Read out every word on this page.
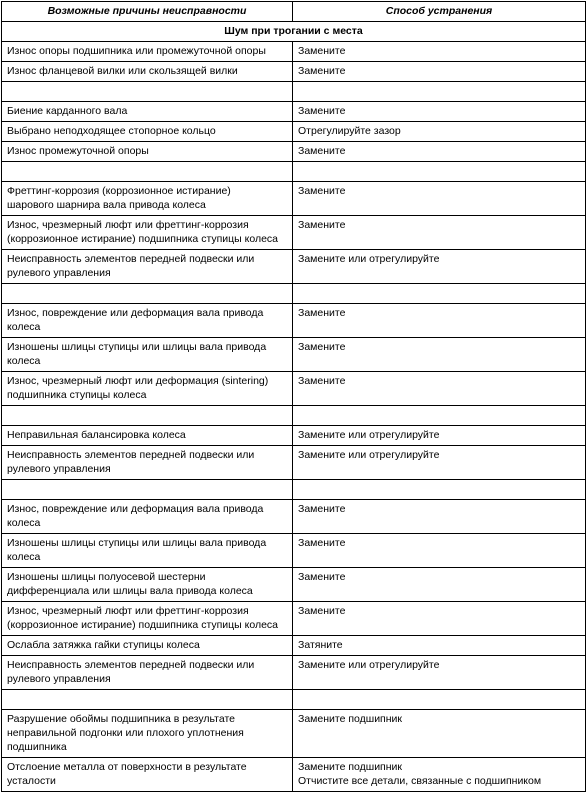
Возможные причины неисправности	Способ устранения
Шум при трогании с места	

Износ опоры подшипника или промежуточной опоры	Замените

Износ фланцевой вилки или скользящей вилки	Замените

Биение карданного вала	Замените

Выбрано неподходящее стопорное кольцо	Отрегулируйте зазор

Износ промежуточной опоры	Замените

Фреттинг-коррозия (коррозионное истирание)
шарового шарнира вала привода колеса	Замените

Износ, чрезмерный люфт или фреттинг-коррозия
(коррозионное истирание) подшипника ступицы колеса	Замените

Неисправность элементов передней подвески или
рулевого управления	Замените или отрегулируйте

Износ, повреждение или деформация вала привода
колеса	Замените

Изношены шлицы ступицы или шлицы вала привода
колеса	Замените

Износ, чрезмерный люфт или деформация (sintering)
подшипника ступицы колеса	Замените

Неправильная балансировка колеса	Замените или отрегулируйте

Неисправность элементов передней подвески или
рулевого управления	Замените или отрегулируйте

Износ, повреждение или деформация вала привода
колеса	Замените

Изношены шлицы ступицы или шлицы вала привода
колеса	Замените

Изношены шлицы полуосевой шестерни
дифференциала или шлицы вала привода колеса	Замените

Износ, чрезмерный люфт или фреттинг-коррозия
(коррозионное истирание) подшипника ступицы колеса	Замените

Ослабла затяжка гайки ступицы колеса	Затяните

Неисправность элементов передней подвески или
рулевого управления	Замените или отрегулируйте

Разрушение обоймы подшипника в результате
неправильной подгонки или плохого уплотнения
подшипника	Замените подшипник

Отслоение металла от поверхности в результате
усталости	Замените подшипник
Отчистите все детали, связанные с подшипником
